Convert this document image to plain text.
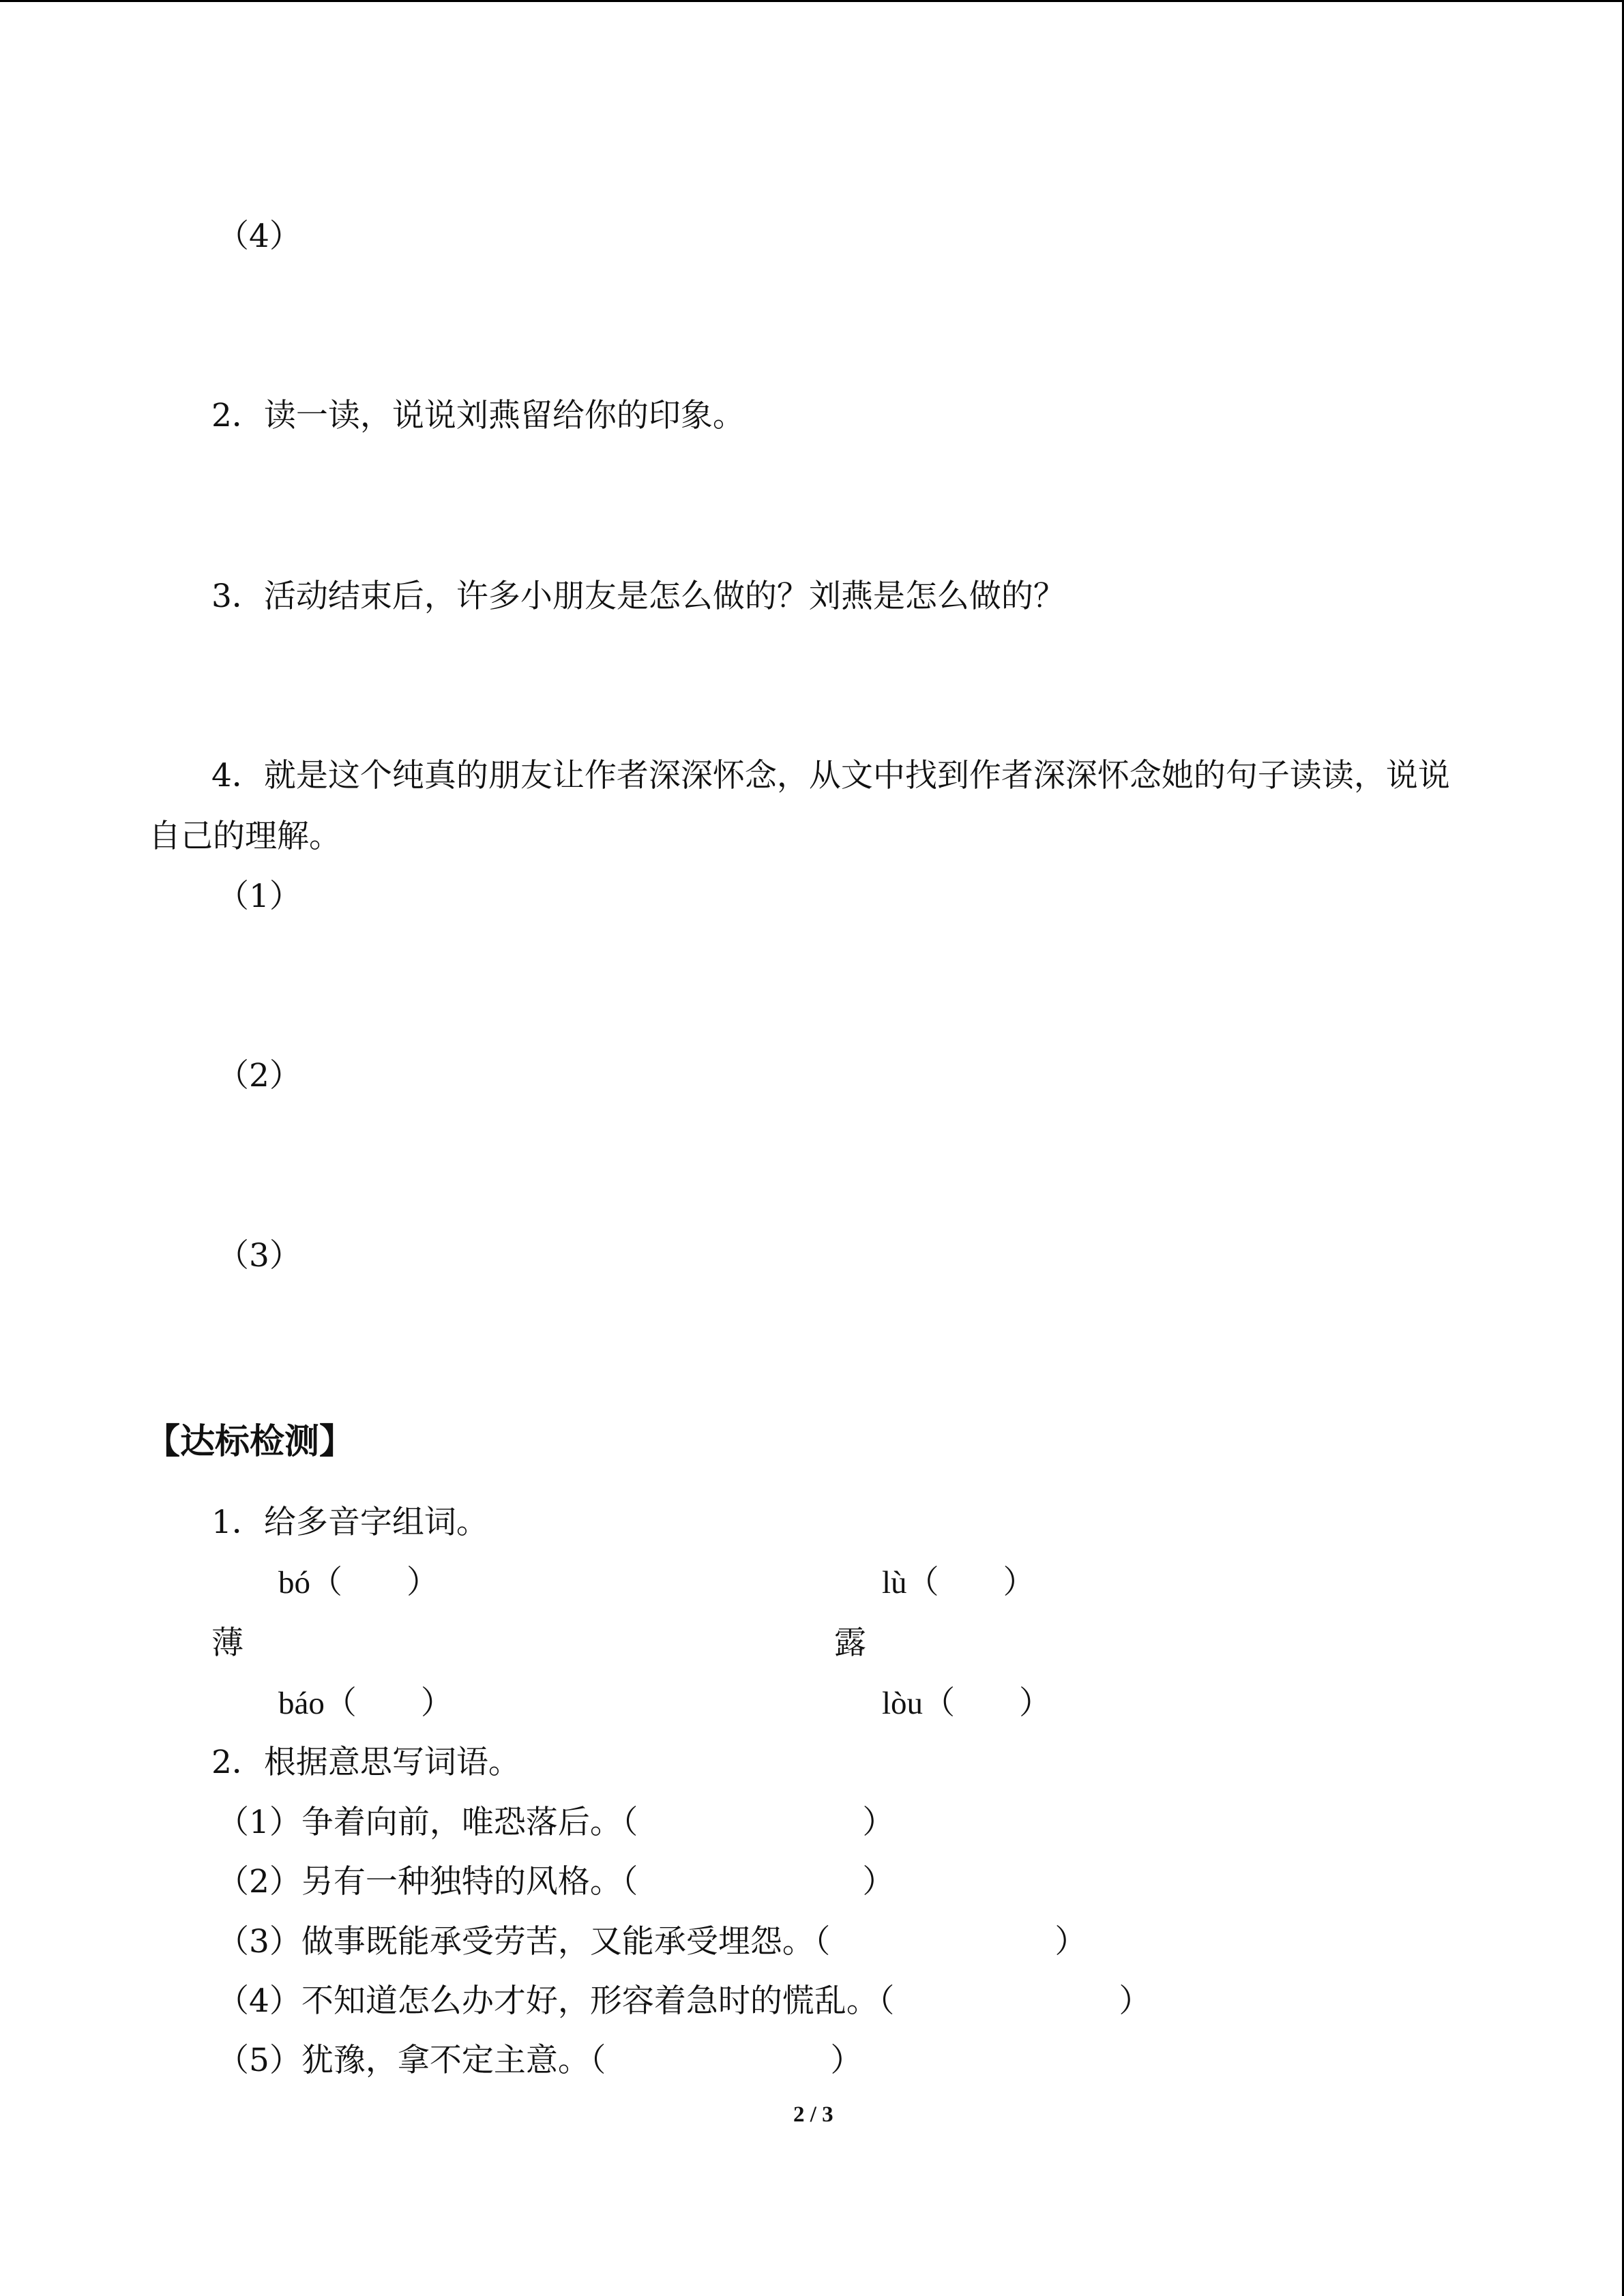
（4）
2．读一读，说说刘燕留给你的印象。
3．活动结束后，许多小朋友是怎么做的？刘燕是怎么做的？
4．就是这个纯真的朋友让作者深深怀念，从文中找到作者深深怀念她的句子读读，说说
自己的理解。
（1）
（2）
（3）
【达标检测】
1．给多音字组词。
bó（　　）	lù（　　）
薄	露
báo（　　）	lòu（　　）
2．根据意思写词语。
（1）争着向前，唯恐落后。（　　　　　　　）
（2）另有一种独特的风格。（　　　　　　　）
（3）做事既能承受劳苦，又能承受埋怨。（　　　　　　　）
（4）不知道怎么办才好，形容着急时的慌乱。（　　　　　　　）
（5）犹豫，拿不定主意。（　　　　　　　）
2 / 3
